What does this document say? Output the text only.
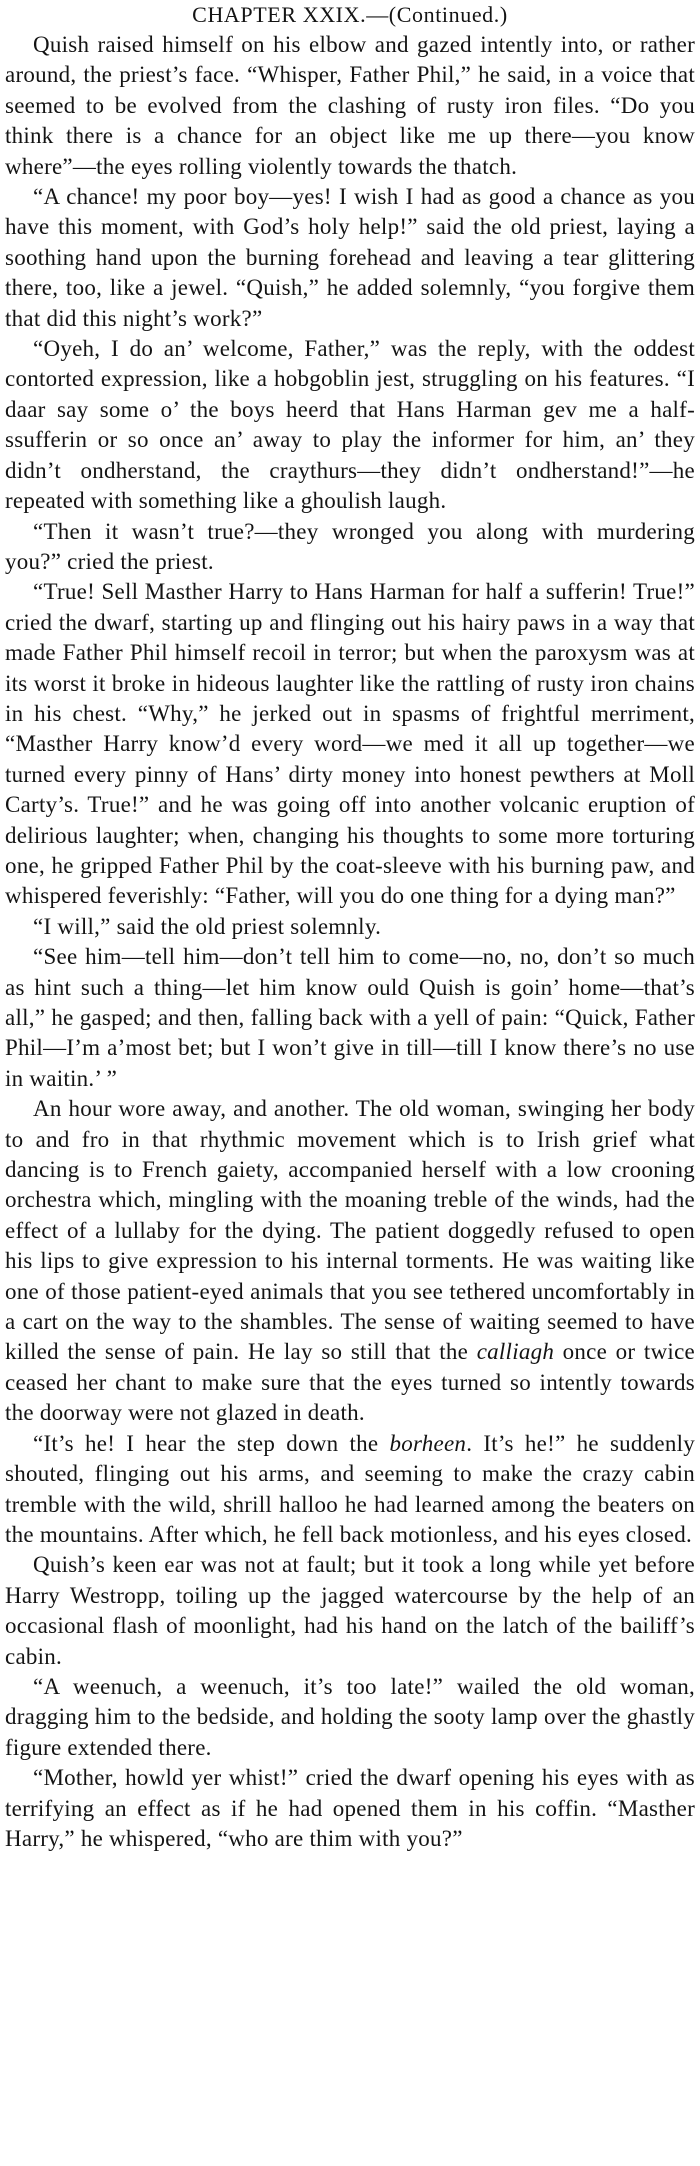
CHAPTER XXIX.—(Continued.)

Quish raised himself on his elbow and gazed intently into, or rather around, the priest’s face. “Whisper, Father Phil,” he said, in a voice that seemed to be evolved from the clashing of rusty iron files. “Do you think there is a chance for an object like me up there—you know where”—the eyes rolling violently towards the thatch.

“A chance! my poor boy—yes! I wish I had as good a chance as you have this moment, with God’s holy help!” said the old priest, laying a soothing hand upon the burning forehead and leaving a tear glittering there, too, like a jewel. “Quish,” he added solemnly, “you forgive them that did this night’s work?”

“Oyeh, I do an’ welcome, Father,” was the reply, with the oddest contorted expression, like a hobgoblin jest, struggling on his features. “I daar say some o’ the boys heerd that Hans Harman gev me a half-ssufferin or so once an’ away to play the informer for him, an’ they didn’t ondherstand, the craythurs—they didn’t ondherstand!”—he repeated with something like a ghoulish laugh.

“Then it wasn’t true?—they wronged you along with murdering you?” cried the priest.

“True! Sell Masther Harry to Hans Harman for half a sufferin! True!” cried the dwarf, starting up and flinging out his hairy paws in a way that made Father Phil himself recoil in terror; but when the paroxysm was at its worst it broke in hideous laughter like the rattling of rusty iron chains in his chest. “Why,” he jerked out in spasms of frightful merriment, “Masther Harry know’d every word—we med it all up together—we turned every pinny of Hans’ dirty money into honest pewthers at Moll Carty’s. True!” and he was going off into another volcanic eruption of delirious laughter; when, changing his thoughts to some more torturing one, he gripped Father Phil by the coat-sleeve with his burning paw, and whispered feverishly: “Father, will you do one thing for a dying man?”

“I will,” said the old priest solemnly.

“See him—tell him—don’t tell him to come—no, no, don’t so much as hint such a thing—let him know ould Quish is goin’ home—that’s all,” he gasped; and then, falling back with a yell of pain: “Quick, Father Phil—I’m a’most bet; but I won’t give in till—till I know there’s no use in waitin.’ ”

An hour wore away, and another. The old woman, swinging her body to and fro in that rhythmic movement which is to Irish grief what dancing is to French gaiety, accompanied herself with a low crooning orchestra which, mingling with the moaning treble of the winds, had the effect of a lullaby for the dying. The patient doggedly refused to open his lips to give expression to his internal torments. He was waiting like one of those patient-eyed animals that you see tethered uncomfortably in a cart on the way to the shambles. The sense of waiting seemed to have killed the sense of pain. He lay so still that the calliagh once or twice ceased her chant to make sure that the eyes turned so intently towards the doorway were not glazed in death.

“It’s he! I hear the step down the borheen. It’s he!” he suddenly shouted, flinging out his arms, and seeming to make the crazy cabin tremble with the wild, shrill halloo he had learned among the beaters on the mountains. After which, he fell back motionless, and his eyes closed.

Quish’s keen ear was not at fault; but it took a long while yet before Harry Westropp, toiling up the jagged watercourse by the help of an occasional flash of moonlight, had his hand on the latch of the bailiff’s cabin.

“A weenuch, a weenuch, it’s too late!” wailed the old woman, dragging him to the bedside, and holding the sooty lamp over the ghastly figure extended there.

“Mother, howld yer whist!” cried the dwarf opening his eyes with as terrifying an effect as if he had opened them in his coffin. “Masther Harry,” he whispered, “who are thim with you?”
